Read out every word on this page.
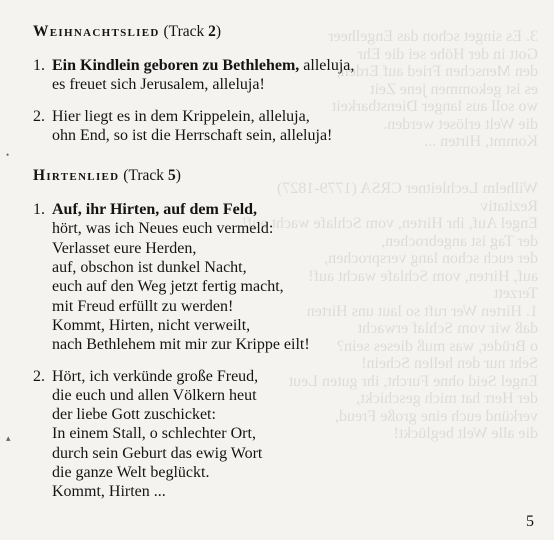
3. Es singet schon das Engelheer
Gott in der Höhe sei die Ehr
den Menschen Fried auf Erden,
es ist gekommen jene Zeit
wo soll aus langer Dienstbarkeit
die Welt erlöset werden.
Kommt, Hirten ...
Wilhelm Lechleitner CRSA (1779-1827)
Rezitativ
Engel Auf, ihr Hirten, vom Schlafe wacht auf!
der Tag ist angebrochen,
der euch schon lang versprochen,
auf, Hirten, vom Schlafe wacht auf!
Terzett
1. Hirten Wer ruft so laut uns Hirten
daß wir vom Schlaf erwacht
o Brüder, was muß dieses sein?
Seht nur den hellen Schein!
Engel Seid ohne Furcht, ihr guten Leut
der Herr hat mich geschickt,
verkünd euch eine große Freud,
die alle Welt beglückt!
•
▴
Weihnachtslied (Track 2)
1. Ein Kindlein geboren zu Bethlehem, alleluja,
es freuet sich Jerusalem, alleluja!
2. Hier liegt es in dem Krippelein, alleluja,
ohn End, so ist die Herrschaft sein, alleluja!
Hirtenlied (Track 5)
1. Auf, ihr Hirten, auf dem Feld,
hört, was ich Neues euch vermeld:
Verlasset eure Herden,
auf, obschon ist dunkel Nacht,
euch auf den Weg jetzt fertig macht,
mit Freud erfüllt zu werden!
Kommt, Hirten, nicht verweilt,
nach Bethlehem mit mir zur Krippe eilt!
2. Hört, ich verkünde große Freud,
die euch und allen Völkern heut
der liebe Gott zuschicket:
In einem Stall, o schlechter Ort,
durch sein Geburt das ewig Wort
die ganze Welt beglückt.
Kommt, Hirten ...
5
